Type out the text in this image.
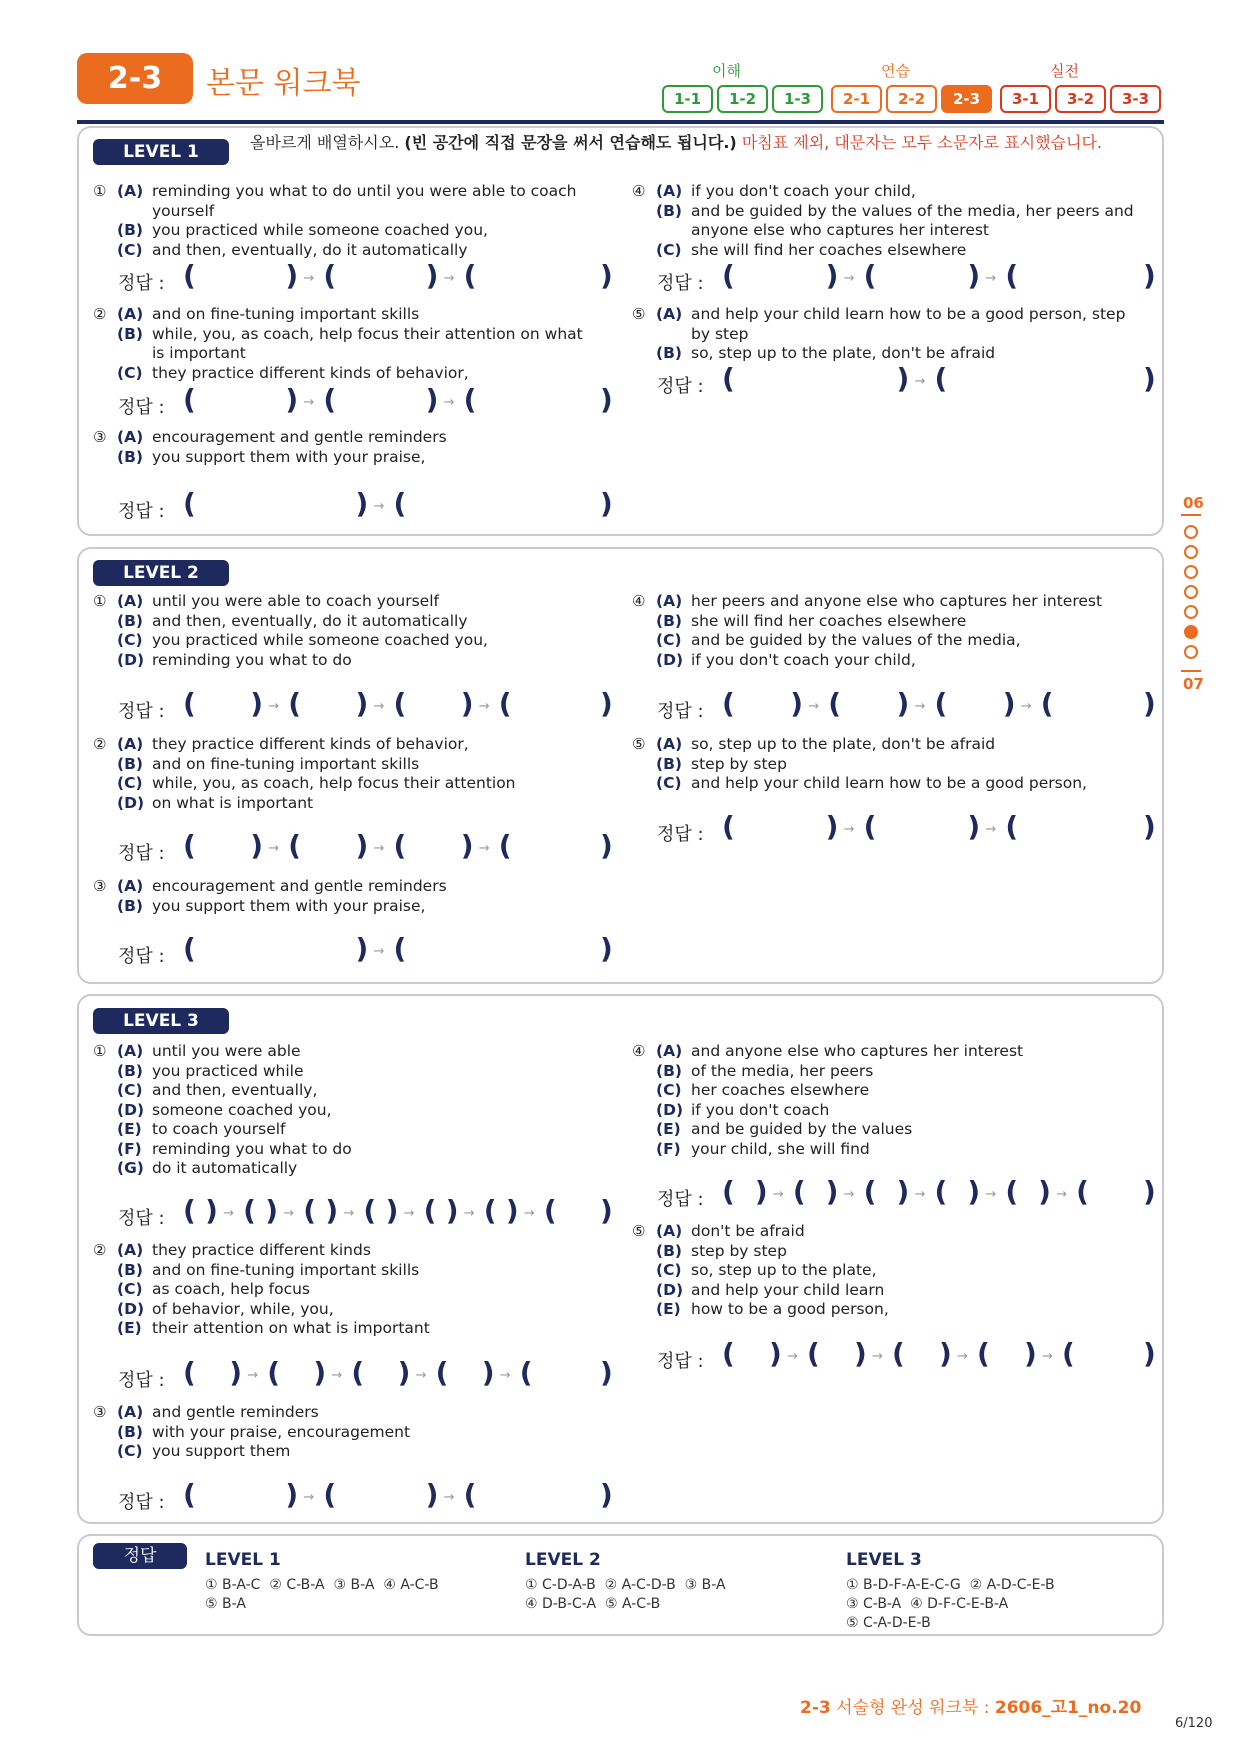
2-3	본문 워크북	이해
1-1	1-2	1-3
연습
2-1	2-2	2-3
실전
3-1	3-2	3-3
올바르게 배열하시오. (빈 공간에 직접 문장을 써서 연습해도 됩니다.) 마침표 제외, 대문자는 모두 소문자로 표시했습니다.
LEVEL 1
① (A) reminding you what to do until you were able to coach
yourself
(B) you practiced while someone coached you,
(C) and then, eventually, do it automatically
정답 : (	) → (	) → (	)
② (A) and on fine-tuning important skills
(B) while, you, as coach, help focus their attention on what
is important
(C) they practice different kinds of behavior,
정답 : (	) → (	) → (	)
③ (A) encouragement and gentle reminders
(B) you support them with your praise,
정답 : (	) → (	)
④ (A) if you don't coach your child,
(B) and be guided by the values of the media, her peers and
anyone else who captures her interest
(C) she will find her coaches elsewhere
정답 : (	) → (	) → (	)
⑤ (A) and help your child learn how to be a good person, step
by step
(B) so, step up to the plate, don't be afraid
정답 : (	) → (	)
LEVEL 2
① (A) until you were able to coach yourself
(B) and then, eventually, do it automatically
(C) you practiced while someone coached you,
(D) reminding you what to do
정답 : ( ) → ( ) → ( ) → (	)
② (A) they practice different kinds of behavior,
(B) and on fine-tuning important skills
(C) while, you, as coach, help focus their attention
(D) on what is important
정답 : ( ) → ( ) → ( ) → (	)
③ (A) encouragement and gentle reminders
(B) you support them with your praise,
정답 : (	) → (	)
④ (A) her peers and anyone else who captures her interest
(B) she will find her coaches elsewhere
(C) and be guided by the values of the media,
(D) if you don't coach your child,
정답 : ( ) → ( ) → ( ) → (	)
⑤ (A) so, step up to the plate, don't be afraid
(B) step by step
(C) and help your child learn how to be a good person,
정답 : (	) → (	) → (	)
LEVEL 3
① (A) until you were able
(B) you practiced while
(C) and then, eventually,
(D) someone coached you,
(E) to coach yourself
(F) reminding you what to do
(G) do it automatically
정답 : ( ) → ( ) → ( ) → ( ) → ( ) → ( ) → ( )
② (A) they practice different kinds
(B) and on fine-tuning important skills
(C) as coach, help focus
(D) of behavior, while, you,
(E) their attention on what is important
정답 : ( ) → ( ) → ( ) → ( ) → ( )
③ (A) and gentle reminders
(B) with your praise, encouragement
(C) you support them
정답 : (	) → (	) → (	)
④ (A) and anyone else who captures her interest
(B) of the media, her peers
(C) her coaches elsewhere
(D) if you don't coach
(E) and be guided by the values
(F) your child, she will find
정답 : ( ) → ( ) → ( ) → ( ) → ( ) → ( )
⑤ (A) don't be afraid
(B) step by step
(C) so, step up to the plate,
(D) and help your child learn
(E) how to be a good person,
정답 : ( ) → ( ) → ( ) → ( ) → ( )
06
07
정답	LEVEL 1
① B-A-C  ② C-B-A  ③ B-A  ④ A-C-B
⑤ B-A
LEVEL 2
① C-D-A-B  ② A-C-D-B  ③ B-A
④ D-B-C-A  ⑤ A-C-B
LEVEL 3
① B-D-F-A-E-C-G  ② A-D-C-E-B
③ C-B-A  ④ D-F-C-E-B-A
⑤ C-A-D-E-B
2-3 서술형 완성 워크북 : 2606_고1_no.20
6/120
